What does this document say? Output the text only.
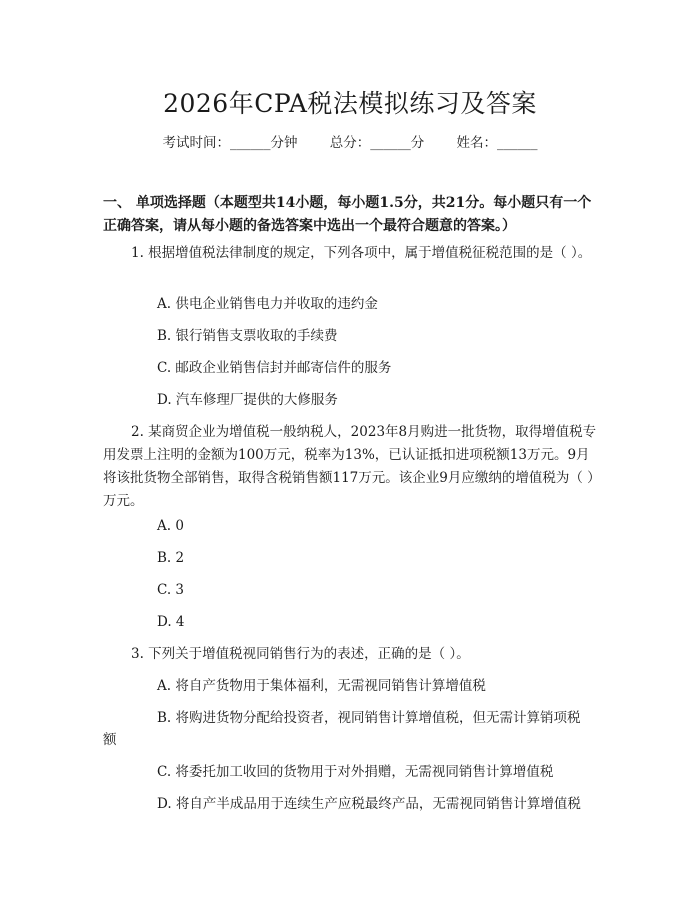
2026年CPA税法模拟练习及答案
考试时间：______分钟 总分：______分 姓名：______
一、 单项选择题（本题型共14小题，每小题1.5分，共21分。每小题只有一个正确答案，请从每小题的备选答案中选出一个最符合题意的答案。）
1. 根据增值税法律制度的规定，下列各项中，属于增值税征税范围的是（ ）。
A. 供电企业销售电力并收取的违约金
B. 银行销售支票收取的手续费
C. 邮政企业销售信封并邮寄信件的服务
D. 汽车修理厂提供的大修服务
2. 某商贸企业为增值税一般纳税人，2023年8月购进一批货物，取得增值税专用发票上注明的金额为100万元，税率为13%，已认证抵扣进项税额13万元。9月将该批货物全部销售，取得含税销售额117万元。该企业9月应缴纳的增值税为（ ）万元。
A. 0
B. 2
C. 3
D. 4
3. 下列关于增值税视同销售行为的表述，正确的是（ ）。
A. 将自产货物用于集体福利，无需视同销售计算增值税
B. 将购进货物分配给投资者，视同销售计算增值税，但无需计算销项税
额
C. 将委托加工收回的货物用于对外捐赠，无需视同销售计算增值税
D. 将自产半成品用于连续生产应税最终产品，无需视同销售计算增值税
